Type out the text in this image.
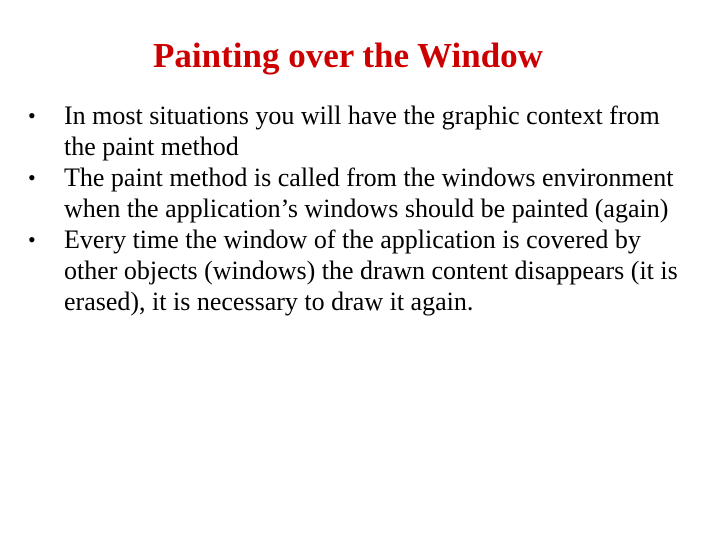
Painting over the Window
•	In most situations you will have the graphic context from the paint method
•	The paint method is called from the windows environment when the application’s windows should be painted (again)
•	Every time the window of the application is covered by other objects (windows) the drawn content disappears (it is erased), it is necessary to draw it again.
